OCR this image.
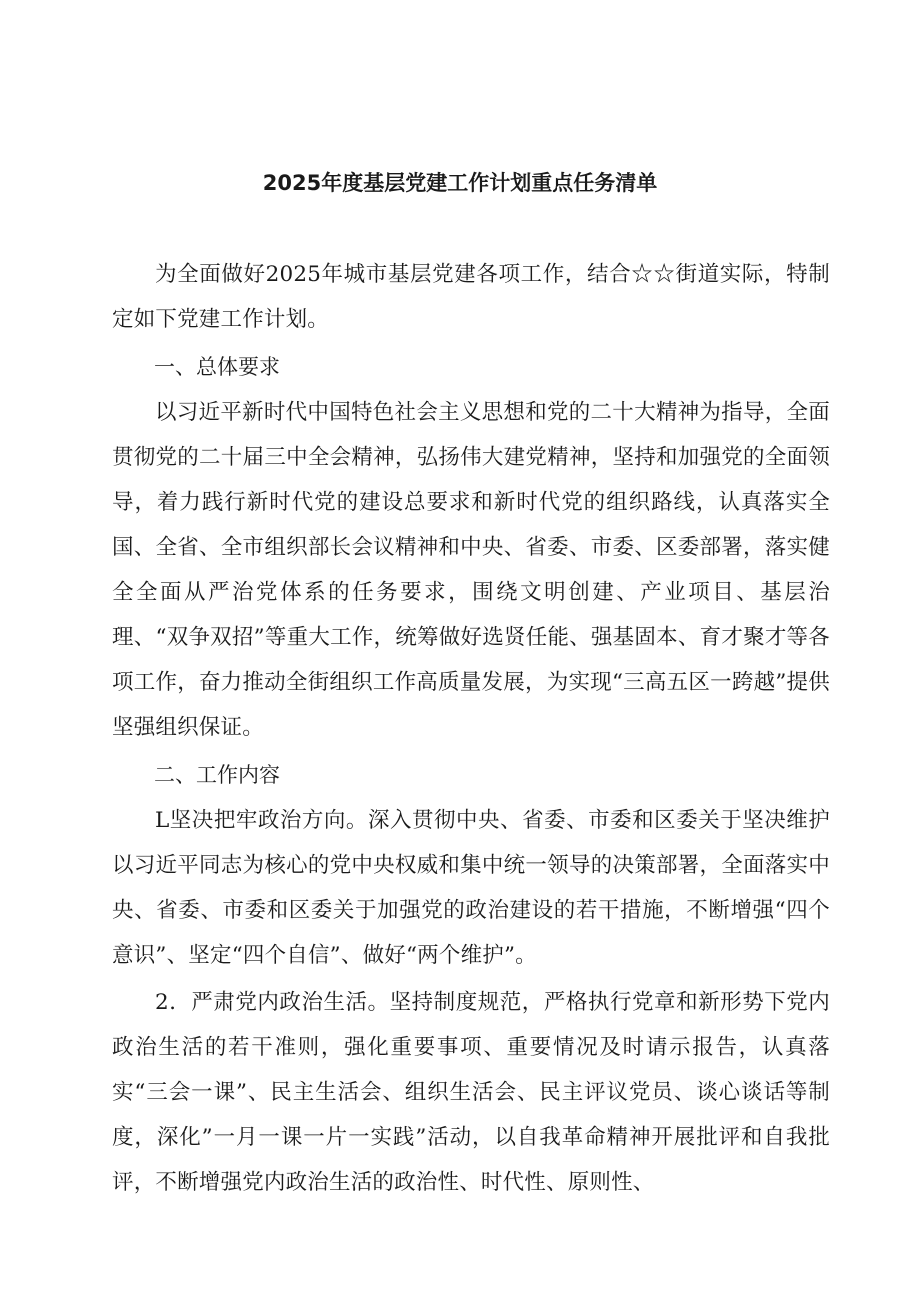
2025年度基层党建工作计划重点任务清单

为全面做好2025年城市基层党建各项工作，结合☆☆街道实际，特制定如下党建工作计划。

一、总体要求

以习近平新时代中国特色社会主义思想和党的二十大精神为指导，全面贯彻党的二十届三中全会精神，弘扬伟大建党精神，坚持和加强党的全面领导，着力践行新时代党的建设总要求和新时代党的组织路线，认真落实全国、全省、全市组织部长会议精神和中央、省委、市委、区委部署，落实健全全面从严治党体系的任务要求，围绕文明创建、产业项目、基层治理、“双争双招”等重大工作，统筹做好选贤任能、强基固本、育才聚才等各项工作，奋力推动全街组织工作高质量发展，为实现“三高五区一跨越”提供坚强组织保证。

二、工作内容

L坚决把牢政治方向。深入贯彻中央、省委、市委和区委关于坚决维护以习近平同志为核心的党中央权威和集中统一领导的决策部署，全面落实中央、省委、市委和区委关于加强党的政治建设的若干措施，不断增强“四个意识”、坚定“四个自信”、做好“两个维护”。

2．严肃党内政治生活。坚持制度规范，严格执行党章和新形势下党内政治生活的若干准则，强化重要事项、重要情况及时请示报告，认真落实“三会一课”、民主生活会、组织生活会、民主评议党员、谈心谈话等制度，深化”一月一课一片一实践”活动，以自我革命精神开展批评和自我批评，不断增强党内政治生活的政治性、时代性、原则性、
